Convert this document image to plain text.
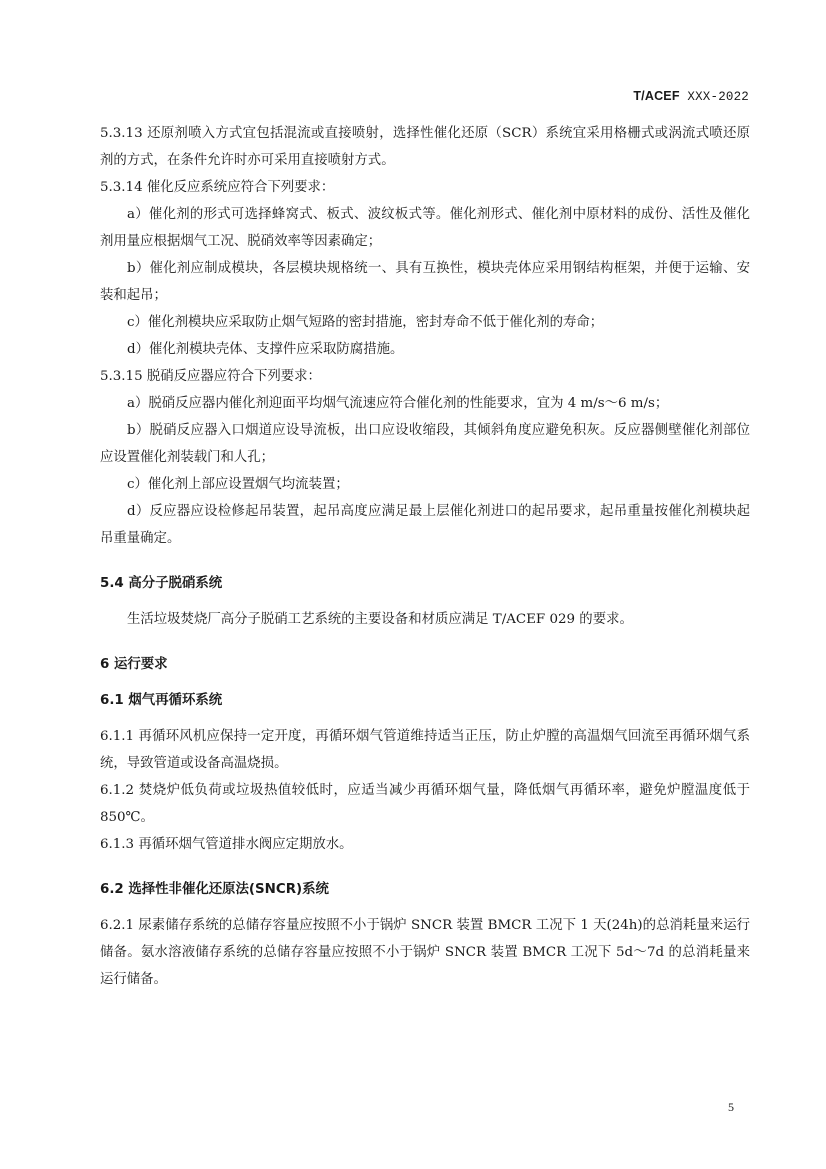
T/ACEF XXX-2022

5.3.13 还原剂喷入方式宜包括混流或直接喷射，选择性催化还原（SCR）系统宜采用格栅式或涡流式喷还原剂的方式，在条件允许时亦可采用直接喷射方式。

5.3.14 催化反应系统应符合下列要求：

a）催化剂的形式可选择蜂窝式、板式、波纹板式等。催化剂形式、催化剂中原材料的成份、活性及催化剂用量应根据烟气工况、脱硝效率等因素确定；

b）催化剂应制成模块，各层模块规格统一、具有互换性，模块壳体应采用钢结构框架，并便于运输、安装和起吊；

c）催化剂模块应采取防止烟气短路的密封措施，密封寿命不低于催化剂的寿命；

d）催化剂模块壳体、支撑件应采取防腐措施。

5.3.15 脱硝反应器应符合下列要求：

a）脱硝反应器内催化剂迎面平均烟气流速应符合催化剂的性能要求，宜为 4 m/s～6 m/s；

b）脱硝反应器入口烟道应设导流板，出口应设收缩段，其倾斜角度应避免积灰。反应器侧壁催化剂部位应设置催化剂装载门和人孔；

c）催化剂上部应设置烟气均流装置；

d）反应器应设检修起吊装置，起吊高度应满足最上层催化剂进口的起吊要求，起吊重量按催化剂模块起吊重量确定。

5.4 高分子脱硝系统

生活垃圾焚烧厂高分子脱硝工艺系统的主要设备和材质应满足 T/ACEF 029 的要求。

6 运行要求

6.1 烟气再循环系统

6.1.1 再循环风机应保持一定开度，再循环烟气管道维持适当正压，防止炉膛的高温烟气回流至再循环烟气系统，导致管道或设备高温烧损。

6.1.2 焚烧炉低负荷或垃圾热值较低时，应适当减少再循环烟气量，降低烟气再循环率，避免炉膛温度低于 850℃。

6.1.3 再循环烟气管道排水阀应定期放水。

6.2 选择性非催化还原法(SNCR)系统

6.2.1 尿素储存系统的总储存容量应按照不小于锅炉 SNCR 装置 BMCR 工况下 1 天(24h)的总消耗量来运行储备。氨水溶液储存系统的总储存容量应按照不小于锅炉 SNCR 装置 BMCR 工况下 5d～7d 的总消耗量来运行储备。

5
